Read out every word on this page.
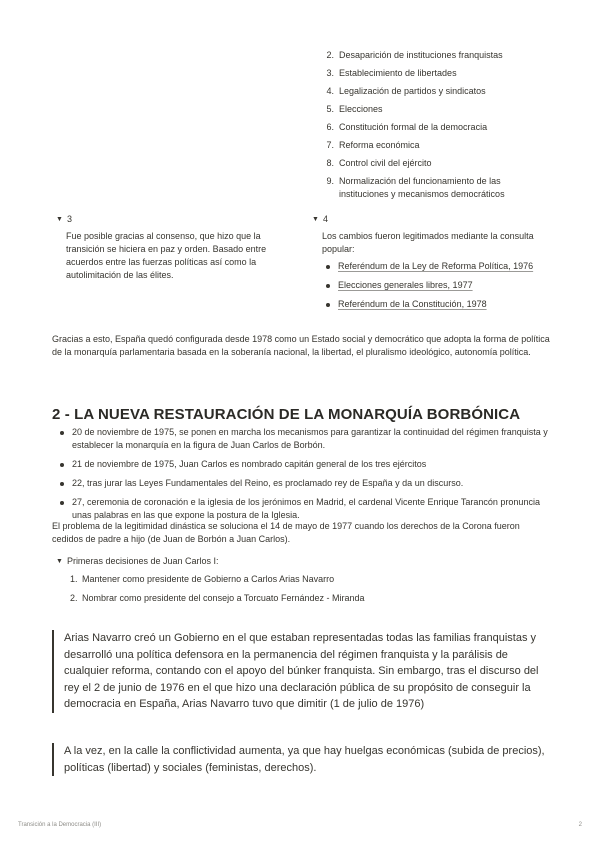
2. Desaparición de instituciones franquistas
3. Establecimiento de libertades
4. Legalización de partidos y sindicatos
5. Elecciones
6. Constitución formal de la democracia
7. Reforma económica
8. Control civil del ejército
9. Normalización del funcionamiento de las instituciones y mecanismos democráticos
▼ 3

Fue posible gracias al consenso, que hizo que la transición se hiciera en paz y orden. Basado entre acuerdos entre las fuerzas políticas así como la autolimitación de las élites.

▼ 4

Los cambios fueron legitimados mediante la consulta popular:

Referéndum de la Ley de Reforma Política, 1976
Elecciones generales libres, 1977
Referéndum de la Constitución, 1978

Gracias a esto, España quedó configurada desde 1978 como un Estado social y democrático que adopta la forma de política de la monarquía parlamentaria basada en la soberanía nacional, la libertad, el pluralismo ideológico, autonomía política.

2 - LA NUEVA RESTAURACIÓN DE LA MONARQUÍA BORBÓNICA
20 de noviembre de 1975, se ponen en marcha los mecanismos para garantizar la continuidad del régimen franquista y establecer la monarquía en la figura de Juan Carlos de Borbón.
21 de noviembre de 1975, Juan Carlos es nombrado capitán general de los tres ejércitos
22, tras jurar las Leyes Fundamentales del Reino, es proclamado rey de España y da un discurso.
27, ceremonia de coronación e la iglesia de los jerónimos en Madrid, el cardenal Vicente Enrique Tarancón pronuncia unas palabras en las que expone la postura de la Iglesia.

El problema de la legitimidad dinástica se soluciona el 14 de mayo de 1977 cuando los derechos de la Corona fueron cedidos de padre a hijo (de Juan de Borbón a Juan Carlos).

▼ Primeras decisiones de Juan Carlos I:
1. Mantener como presidente de Gobierno a Carlos Arias Navarro
2. Nombrar como presidente del consejo a Torcuato Fernández - Miranda
Arias Navarro creó un Gobierno en el que estaban representadas todas las familias franquistas y desarrolló una política defensora en la permanencia del régimen franquista y la parálisis de cualquier reforma, contando con el apoyo del búnker franquista. Sin embargo, tras el discurso del rey el 2 de junio de 1976 en el que hizo una declaración pública de su propósito de conseguir la democracia en España, Arias Navarro tuvo que dimitir (1 de julio de 1976)
A la vez, en la calle la conflictividad aumenta, ya que hay huelgas económicas (subida de precios), políticas (libertad) y sociales (feministas, derechos).
Transición a la Democracia (III)	2
